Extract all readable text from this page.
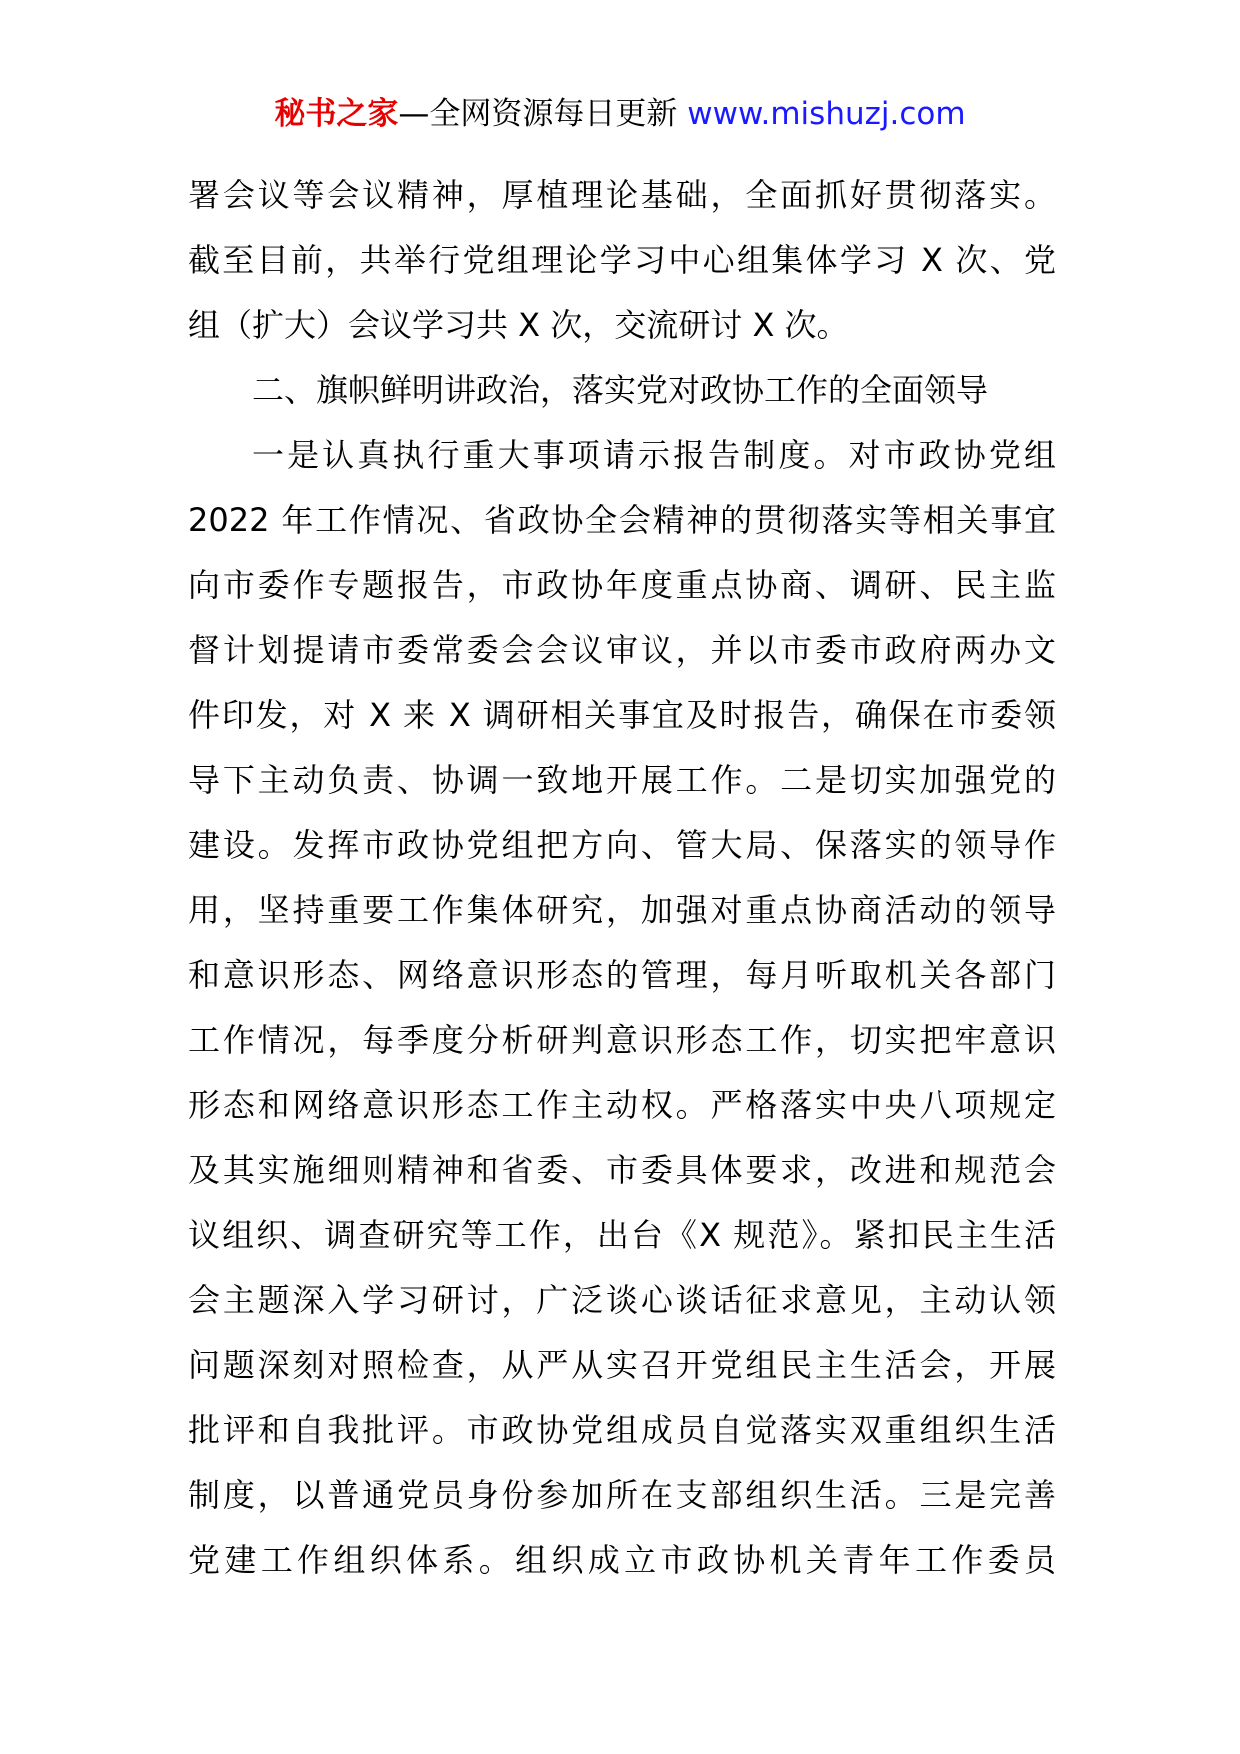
秘书之家—全网资源每日更新 www.mishuzj.com
署会议等会议精神，厚植理论基础，全面抓好贯彻落实。
截至目前，共举行党组理论学习中心组集体学习 X 次、党
组（扩大）会议学习共 X 次，交流研讨 X 次。
二、旗帜鲜明讲政治，落实党对政协工作的全面领导
一是认真执行重大事项请示报告制度。对市政协党组
2022 年工作情况、省政协全会精神的贯彻落实等相关事宜
向市委作专题报告，市政协年度重点协商、调研、民主监
督计划提请市委常委会会议审议，并以市委市政府两办文
件印发，对 X 来 X 调研相关事宜及时报告，确保在市委领
导下主动负责、协调一致地开展工作。二是切实加强党的
建设。发挥市政协党组把方向、管大局、保落实的领导作
用，坚持重要工作集体研究，加强对重点协商活动的领导
和意识形态、网络意识形态的管理，每月听取机关各部门
工作情况，每季度分析研判意识形态工作，切实把牢意识
形态和网络意识形态工作主动权。严格落实中央八项规定
及其实施细则精神和省委、市委具体要求，改进和规范会
议组织、调查研究等工作，出台《X 规范》。紧扣民主生活
会主题深入学习研讨，广泛谈心谈话征求意见，主动认领
问题深刻对照检查，从严从实召开党组民主生活会，开展
批评和自我批评。市政协党组成员自觉落实双重组织生活
制度，以普通党员身份参加所在支部组织生活。三是完善
党建工作组织体系。组织成立市政协机关青年工作委员
